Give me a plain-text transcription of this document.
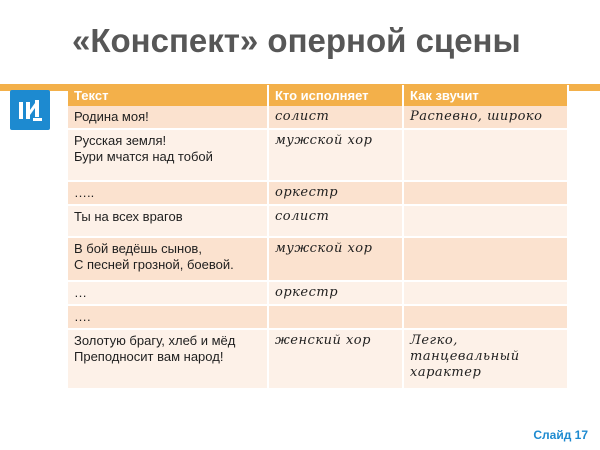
«Конспект» оперной сцены
Текст	Кто исполняет	Как звучит
Родина моя!	солист	Распевно, широко
Русская земля!
Бури мчатся над тобой	мужской хор	
…..	оркестр	
Ты на всех врагов	солист	
В бой ведёшь сынов,
С песней грозной, боевой.	мужской хор	
…	оркестр	
….		
Золотую брагу, хлеб и мёд
Преподносит вам народ!	женский хор	Легко,
танцевальный
характер
Слайд 17
